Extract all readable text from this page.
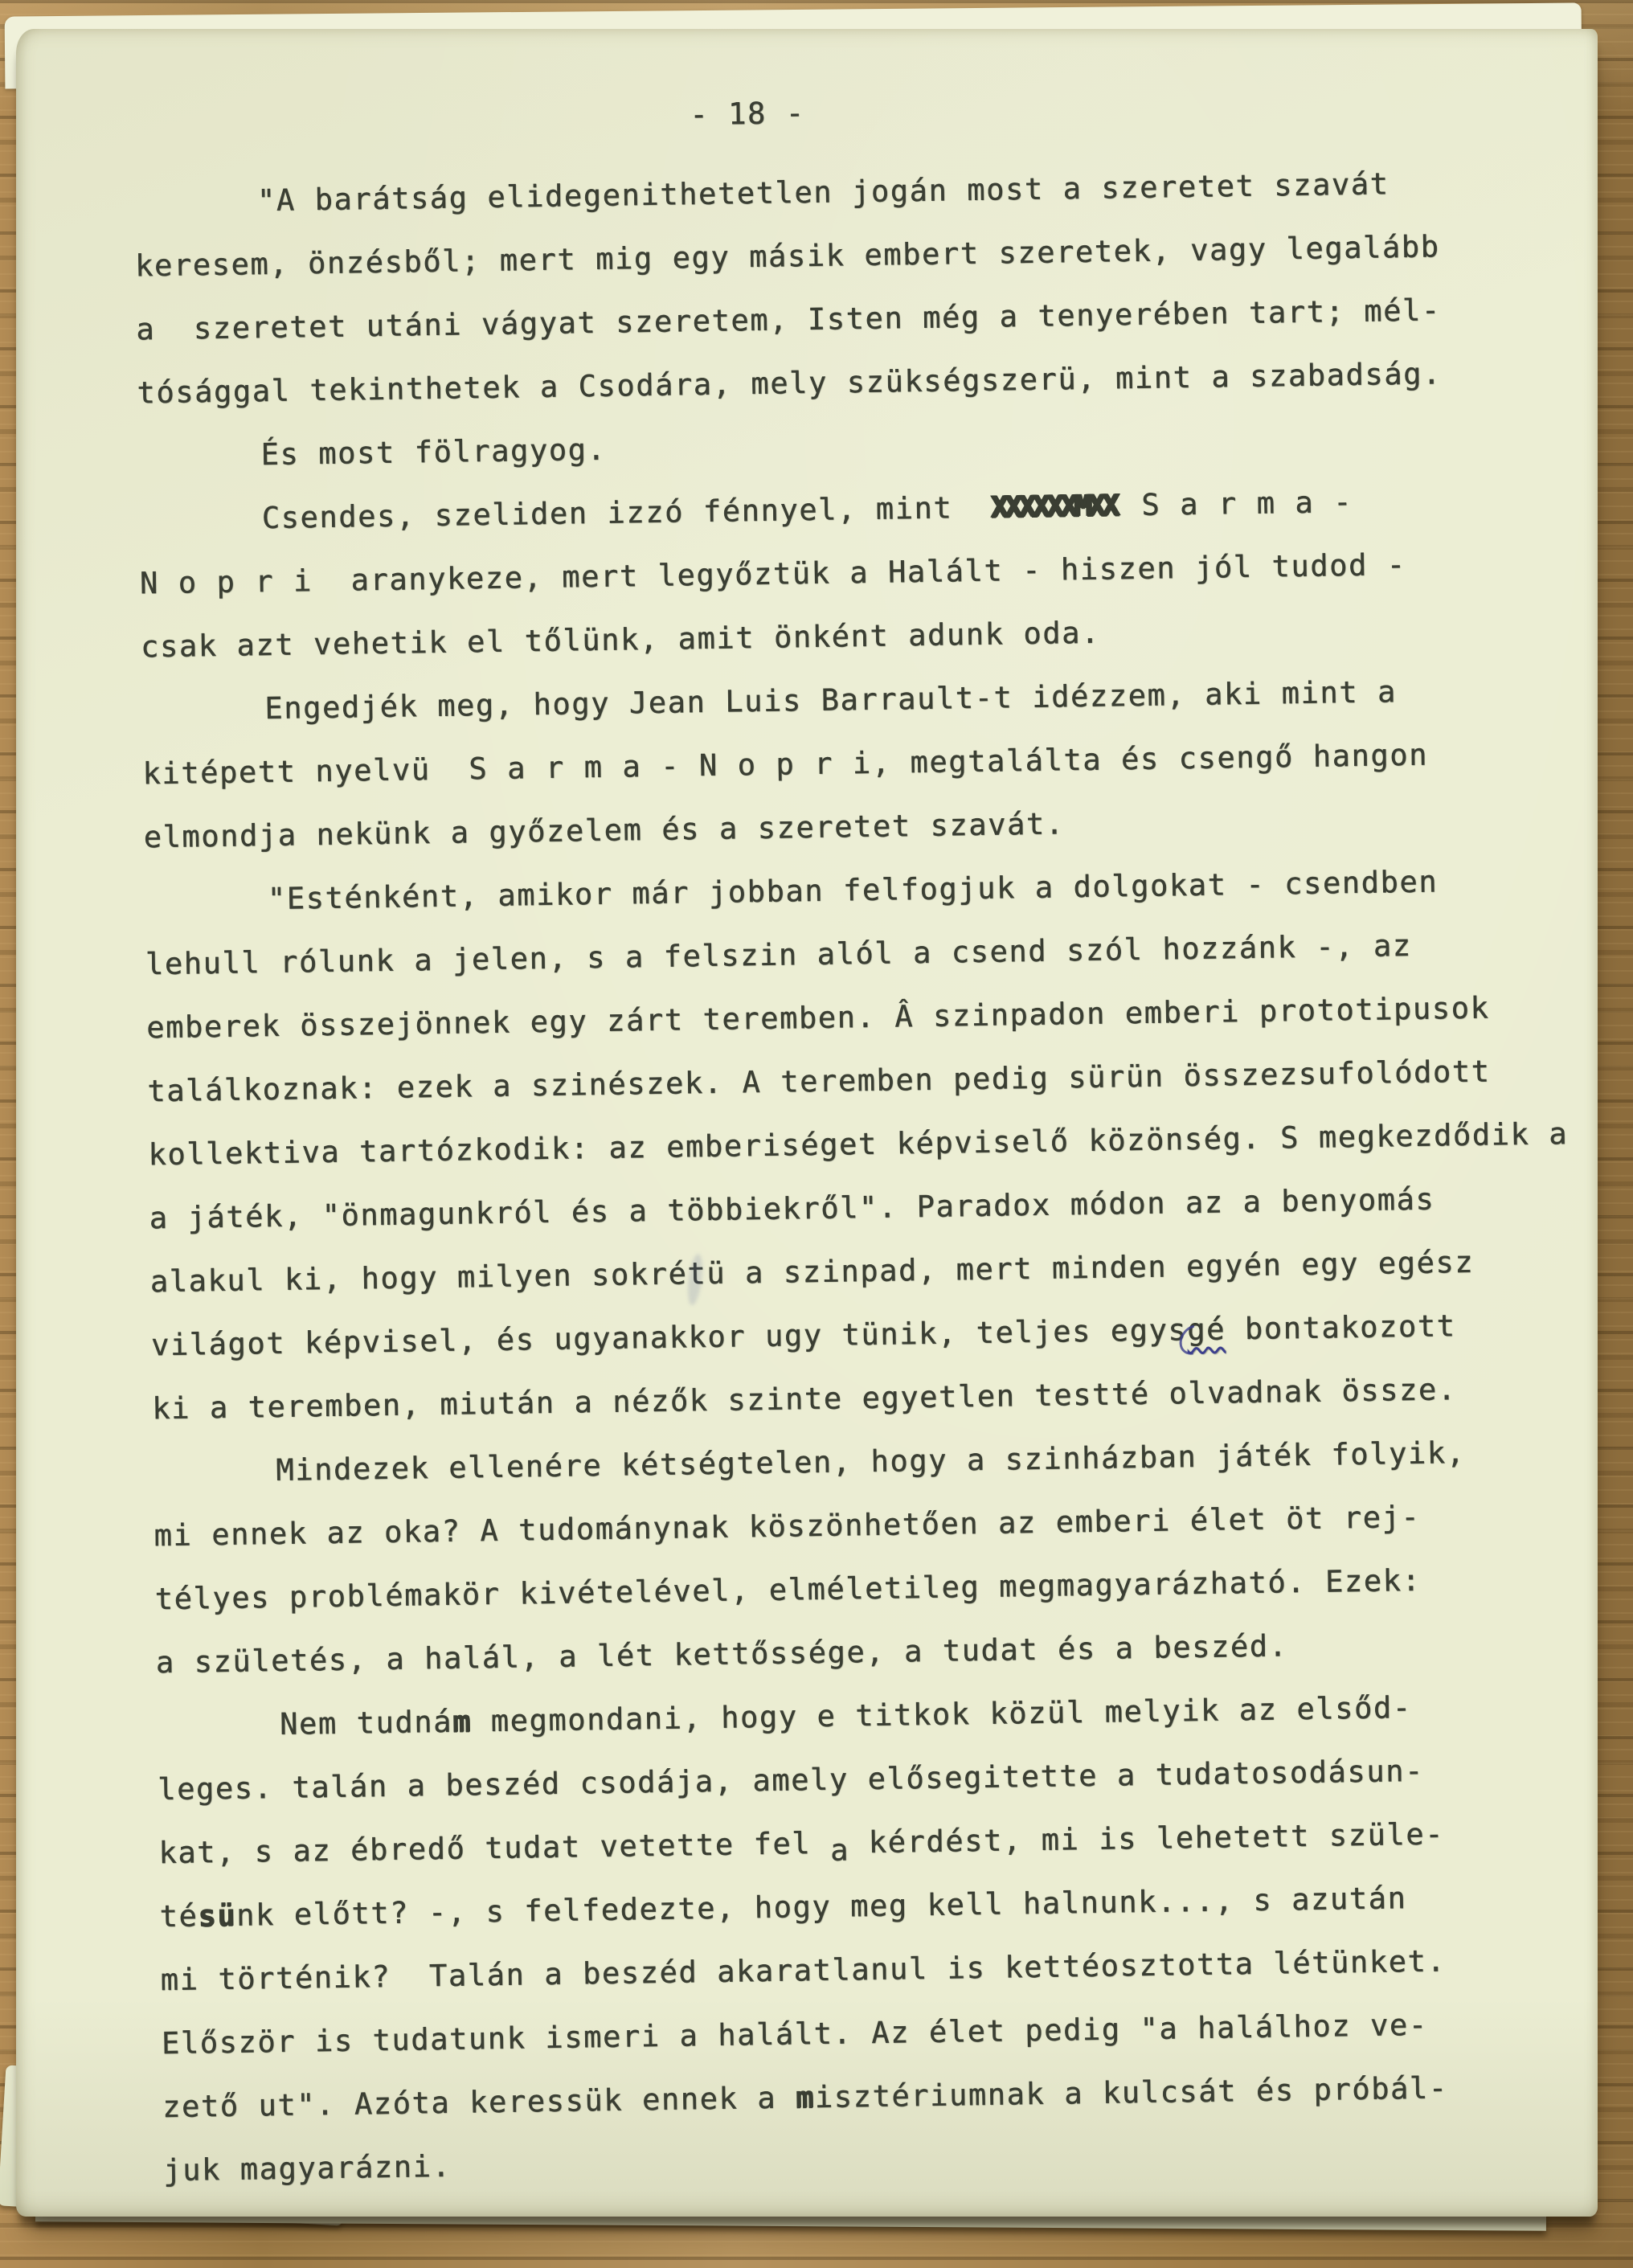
- 18 -
"A barátság elidegenithetetlen jogán most a szeretet szavát
keresem, önzésből; mert mig egy másik embert szeretek, vagy legalább
a  szeretet utáni vágyat szeretem, Isten még a tenyerében tart; mél-
tósággal tekinthetek a Csodára, mely szükségszerü, mint a szabadság.
És most fölragyog.
Csendes, szeliden izzó fénnyel, mint  XXXXXXMXX S a r m a -
N o p r i  aranykeze, mert legyőztük a Halált - hiszen jól tudod -
csak azt vehetik el tőlünk, amit önként adunk oda.
Engedjék meg, hogy Jean Luis Barrault-t idézzem, aki mint a
kitépett nyelvü  S a r m a - N o p r i, megtalálta és csengő hangon
elmondja nekünk a győzelem és a szeretet szavát.
"Esténként, amikor már jobban felfogjuk a dolgokat - csendben
lehull rólunk a jelen, s a felszin alól a csend szól hozzánk -, az
emberek összejönnek egy zárt teremben. Â szinpadon emberi prototipusok
találkoznak: ezek a szinészek. A teremben pedig sürün összezsufolódott
kollektiva tartózkodik: az emberiséget képviselő közönség. S megkezdődik a
a játék, "önmagunkról és a többiekről". Paradox módon az a benyomás
alakul ki, hogy milyen sokrétü a szinpad, mert minden egyén egy egész
világot képvisel, és ugyanakkor ugy tünik, teljes egysgé bontakozott
ki a teremben, miután a nézők szinte egyetlen testté olvadnak össze.
Mindezek ellenére kétségtelen, hogy a szinházban játék folyik,
mi ennek az oka? A tudománynak köszönhetően az emberi élet öt rej-
télyes problémakör kivételével, elméletileg megmagyarázható. Ezek:
a születés, a halál, a lét kettőssége, a tudat és a beszéd.
Nem tudnám megmondani, hogy e titkok közül melyik az elsőd-
leges. talán a beszéd csodája, amely elősegitette a tudatosodásun-
kat, s az ébredő tudat vetette fel a kérdést, mi is lehetett szüle-
tésünk előtt? -, s felfedezte, hogy meg kell halnunk..., s azután
mi történik?  Talán a beszéd akaratlanul is kettéosztotta létünket.
Először is tudatunk ismeri a halált. Az élet pedig "a halálhoz ve-
zető ut". Azóta keressük ennek a misztériumnak a kulcsát és próbál-
juk magyarázni.
